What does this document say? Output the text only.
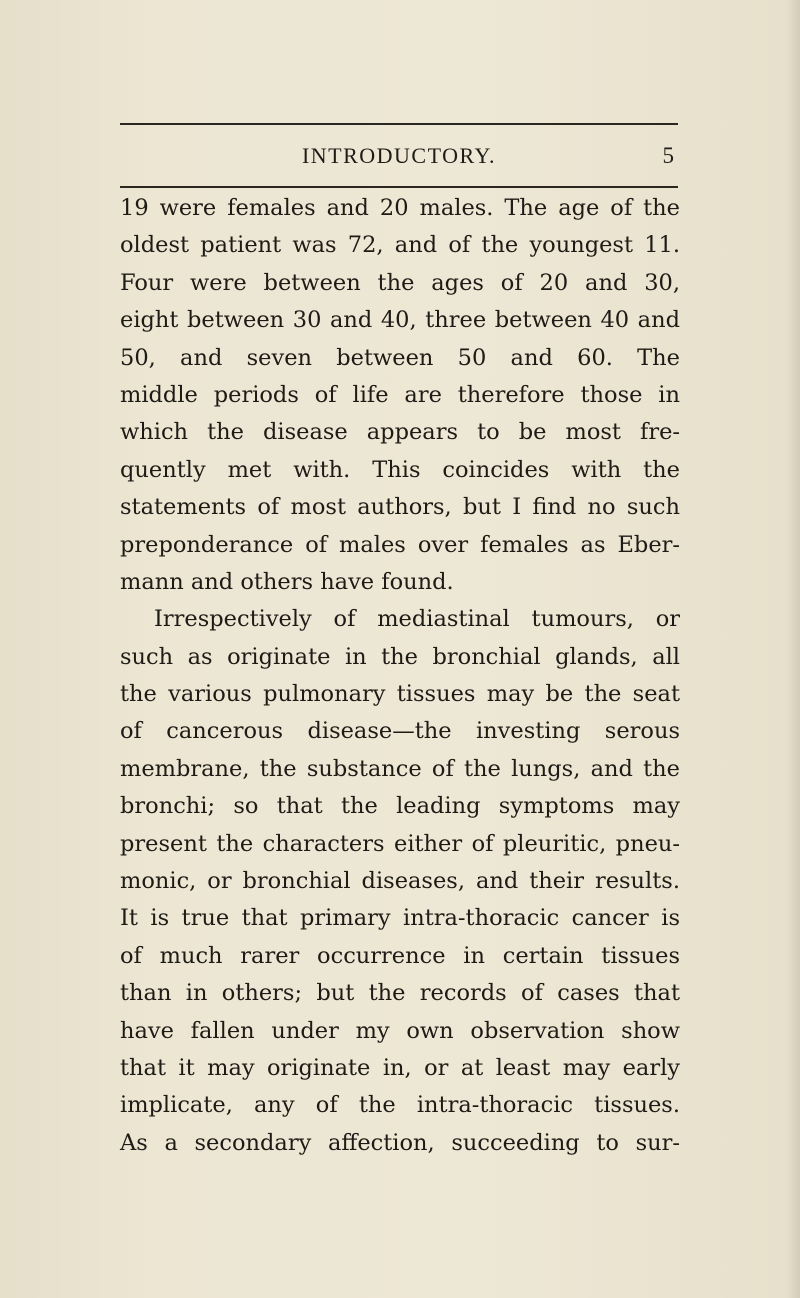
INTRODUCTORY.	5
19 were females and 20 males. The age of the
oldest patient was 72, and of the youngest 11.
Four were between the ages of 20 and 30,
eight between 30 and 40, three between 40 and
50, and seven between 50 and 60. The
middle periods of life are therefore those in
which the disease appears to be most fre-
quently met with. This coincides with the
statements of most authors, but I find no such
preponderance of males over females as Eber-
mann and others have found.
Irrespectively of mediastinal tumours, or
such as originate in the bronchial glands, all
the various pulmonary tissues may be the seat
of cancerous disease—the investing serous
membrane, the substance of the lungs, and the
bronchi; so that the leading symptoms may
present the characters either of pleuritic, pneu-
monic, or bronchial diseases, and their results.
It is true that primary intra-thoracic cancer is
of much rarer occurrence in certain tissues
than in others; but the records of cases that
have fallen under my own observation show
that it may originate in, or at least may early
implicate, any of the intra-thoracic tissues.
As a secondary affection, succeeding to sur-
